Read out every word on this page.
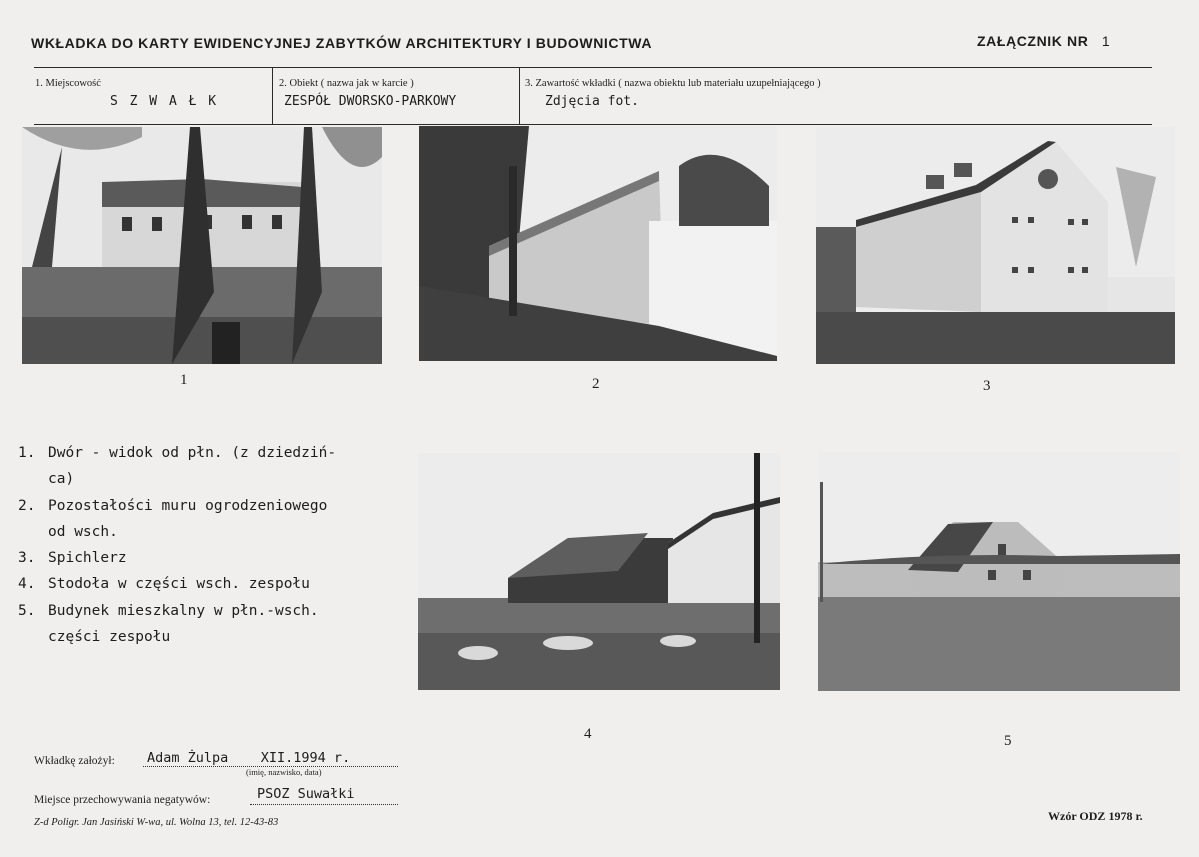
WKŁADKA DO KARTY EWIDENCYJNEJ ZABYTKÓW ARCHITEKTURY I BUDOWNICTWA	ZAŁĄCZNIK NR 1
1. Miejscowość
S Z W A Ł K
2. Obiekt ( nazwa jak w karcie )
ZESPÓŁ DWORSKO-PARKOWY
3. Zawartość wkładki ( nazwa obiektu lub materiału uzupełniającego )
Zdjęcia fot.
1	2	3
4	5
1. Dwór - widok od płn. (z dziedziń-
ca)
2. Pozostałości muru ogrodzeniowego
od wsch.
3. Spichlerz
4. Stodoła w części wsch. zespołu
5. Budynek mieszkalny w płn.-wsch.
części zespołu
Wkładkę założył: Adam Żulpa    XII.1994 r.
(imię, nazwisko, data)
Miejsce przechowywania negatywów:	PSOZ Suwałki
Z-d Poligr. Jan Jasiński W-wa, ul. Wolna 13, tel. 12-43-83	Wzór ODZ 1978 r.
